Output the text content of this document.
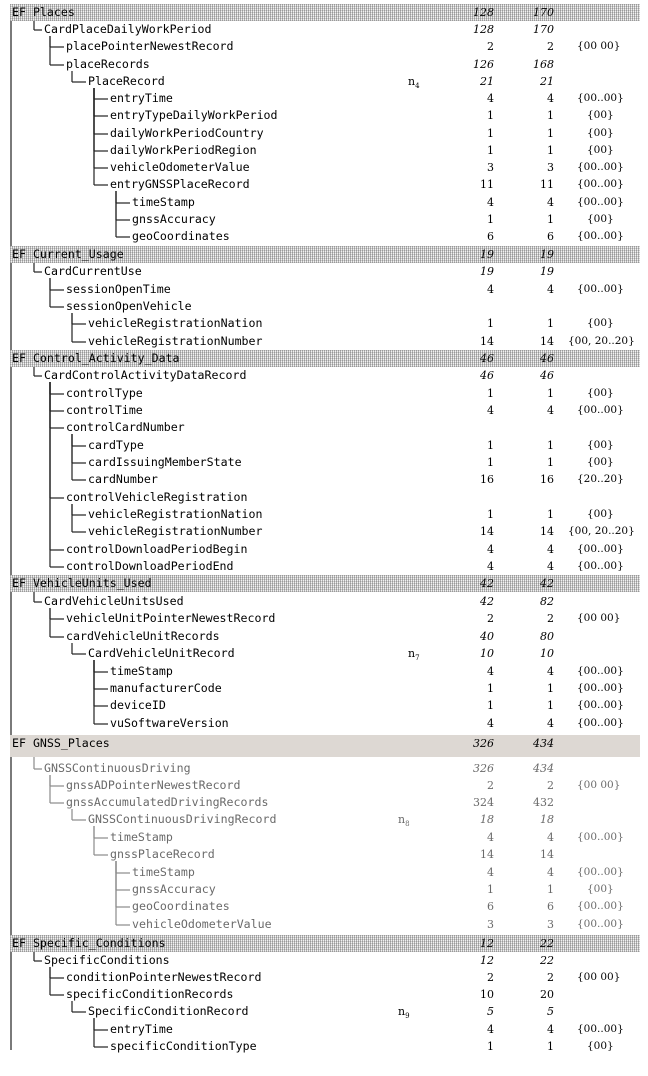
EF Places	128	170
CardPlaceDailyWorkPeriod	128	170
placePointerNewestRecord	2	2 {00 00}
placeRecords	126	168
PlaceRecord	$n_4$	21	21
entryTime	4	4 {00..00}
entryTypeDailyWorkPeriod	1	1	{00}
dailyWorkPeriodCountry	1	1	{00}
dailyWorkPeriodRegion	1	1	{00}
vehicleOdometerValue	3	3 {00..00}
entryGNSSPlaceRecord	11	11 {00..00}
timeStamp	4	4 {00..00}
gnssAccuracy	1	1	{00}
geoCoordinates	6	6 {00..00}
EF Current_Usage	19	19
CardCurrentUse	19	19
sessionOpenTime	4	4 {00..00}
sessionOpenVehicle
vehicleRegistrationNation	1	1	{00}
vehicleRegistrationNumber	14	14 {00, 20..20}
EF Control_Activity_Data	46	46
CardControlActivityDataRecord	46	46
controlType	1	1	{00}
controlTime	4	4 {00..00}
controlCardNumber
cardType	1	1	{00}
cardIssuingMemberState	1	1	{00}
cardNumber	16	16 {20..20}
controlVehicleRegistration
vehicleRegistrationNation	1	1	{00}
vehicleRegistrationNumber	14	14 {00, 20..20}
controlDownloadPeriodBegin	4	4 {00..00}
controlDownloadPeriodEnd	4	4 {00..00}
EF VehicleUnits_Used	42	42
CardVehicleUnitsUsed	42	82
vehicleUnitPointerNewestRecord	2	2 {00 00}
cardVehicleUnitRecords	40	80
CardVehicleUnitRecord	$n_7$	10	10
timeStamp	4	4 {00..00}
manufacturerCode	1	1 {00..00}
deviceID	1	1 {00..00}
vuSoftwareVersion	4	4 {00..00}
EF GNSS_Places	326	434
GNSSContinuousDriving	326	434
gnssADPointerNewestRecord	2	2 {00 00}
gnssAccumulatedDrivingRecords	324	432
GNSSContinuousDrivingRecord	$n_8$	18	18
timeStamp	4	4 {00..00}
gnssPlaceRecord	14	14
timeStamp	4	4 {00..00}
gnssAccuracy	1	1	{00}
geoCoordinates	6	6 {00..00}
vehicleOdometerValue	3	3 {00..00}
EF Specific_Conditions	12	22
SpecificConditions	12	22
conditionPointerNewestRecord	2	2 {00 00}
specificConditionRecords	10	20
SpecificConditionRecord	$n_9$	5	5
entryTime	4	4 {00..00}
specificConditionType	1	1	{00}
